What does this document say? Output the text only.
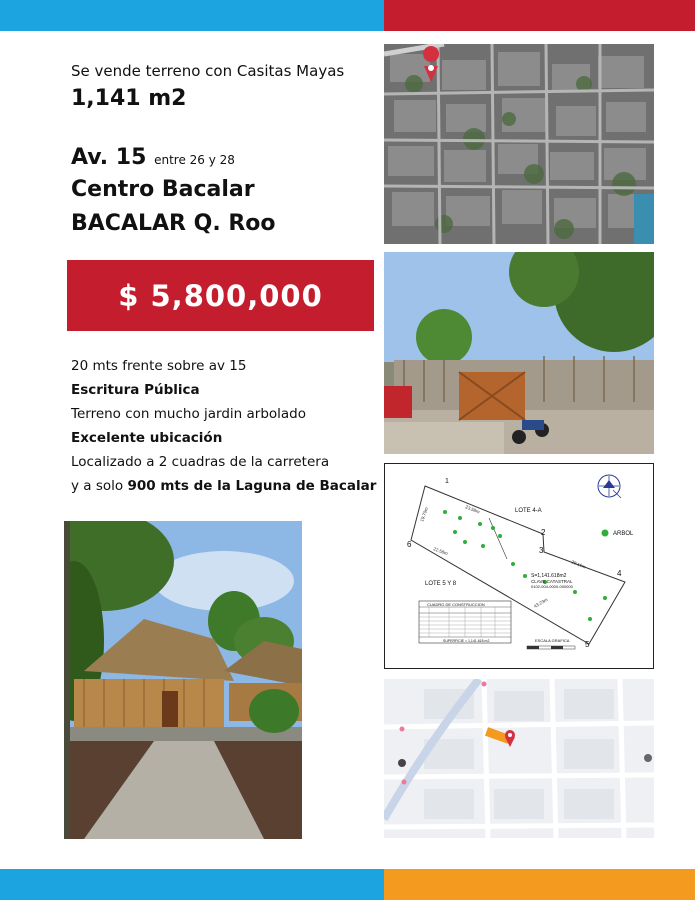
Se vende terreno con Casitas Mayas
1,141 m2
Av. 15 entre 26 y 28
Centro Bacalar
BACALAR Q. Roo
$ 5,800,000
20 mts frente sobre av 15
Escritura Pública
Terreno con mucho jardin arbolado
Excelente ubicación
Localizado a 2 cuadras de la carretera
y a solo 900 mts de la Laguna de Bacalar	1
2
3
4
5
6
23.58m
19.70m
22.58m
28.16m
43.23m
LOTE 4-A
LOTE 5 Y 8
ARBOL
S=1,141.618m2
CLAVE CATASTRAL
0102-004-0000-000000
CUADRO DE CONSTRUCCION
SUPERFICIE = 1,141.618 m2	ESCALA GRAFICA
